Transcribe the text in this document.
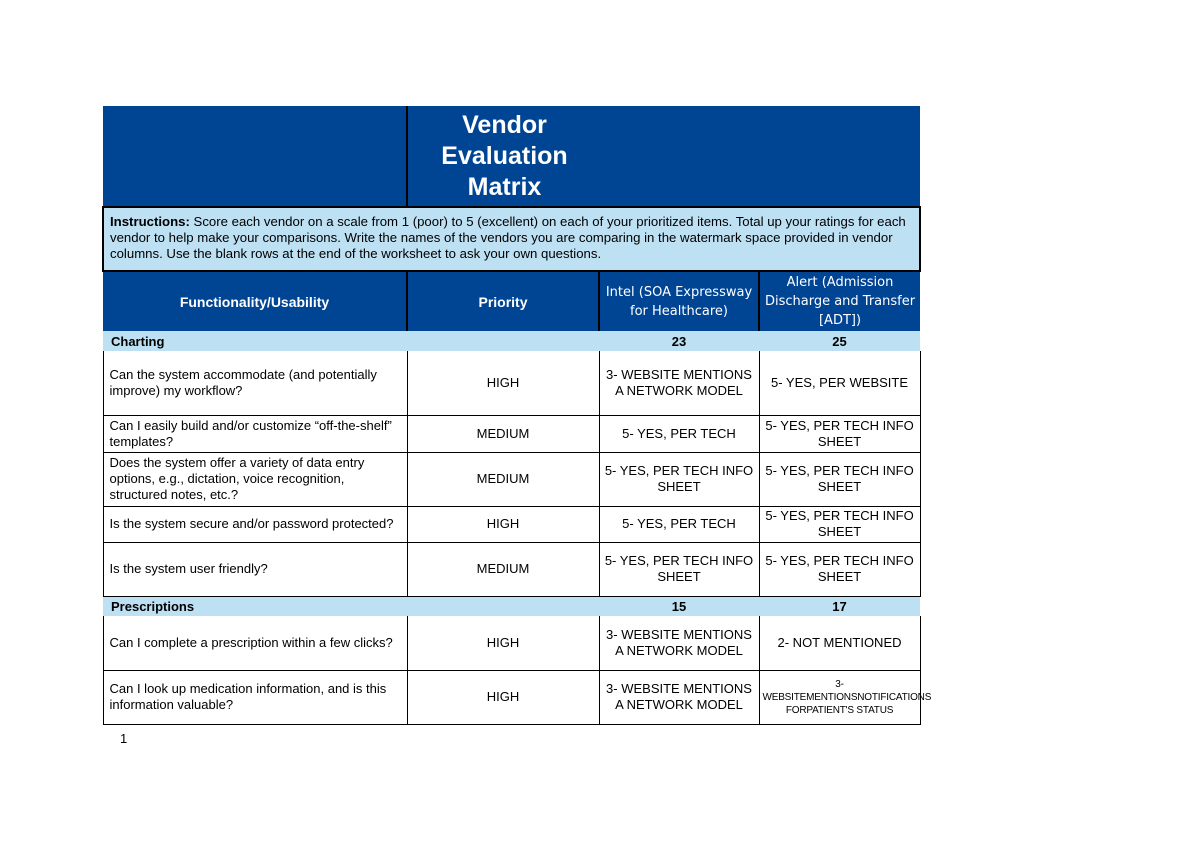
	Vendor
Evaluation
Matrix		

Instructions: Score each vendor on a scale from 1 (poor) to 5 (excellent) on each of your prioritized items. Total up your ratings for each vendor to help make your comparisons. Write the names of the vendors you are comparing in the watermark space provided in vendor columns. Use the blank rows at the end of the worksheet to ask your own questions.			
Functionality/Usability	Priority	Intel (SOA Expressway for Healthcare)	Alert (Admission Discharge and Transfer [ADT])
Charting		23	25
Can the system accommodate (and potentially improve) my workflow?	HIGH	3- WEBSITE MENTIONS A NETWORK MODEL	5- YES, PER WEBSITE
Can I easily build and/or customize “off-the-shelf” templates?	MEDIUM	5- YES, PER TECH	5- YES, PER TECH INFO SHEET
Does the system offer a variety of data entry options, e.g., dictation, voice recognition, structured notes, etc.?	MEDIUM	5- YES, PER TECH INFO SHEET	5- YES, PER TECH INFO SHEET
Is the system secure and/or password protected?	HIGH	5- YES, PER TECH	5- YES, PER TECH INFO SHEET
Is the system user friendly?	MEDIUM	5- YES, PER TECH INFO SHEET	5- YES, PER TECH INFO SHEET
Prescriptions		15	17
Can I complete a prescription within a few clicks?	HIGH	3- WEBSITE MENTIONS A NETWORK MODEL	2- NOT MENTIONED
Can I look up medication information, and is this information valuable?	HIGH	3- WEBSITE MENTIONS A NETWORK MODEL	3- WEBSITEMENTIONSNOTIFICATIONS FORPATIENT'S STATUS
1
